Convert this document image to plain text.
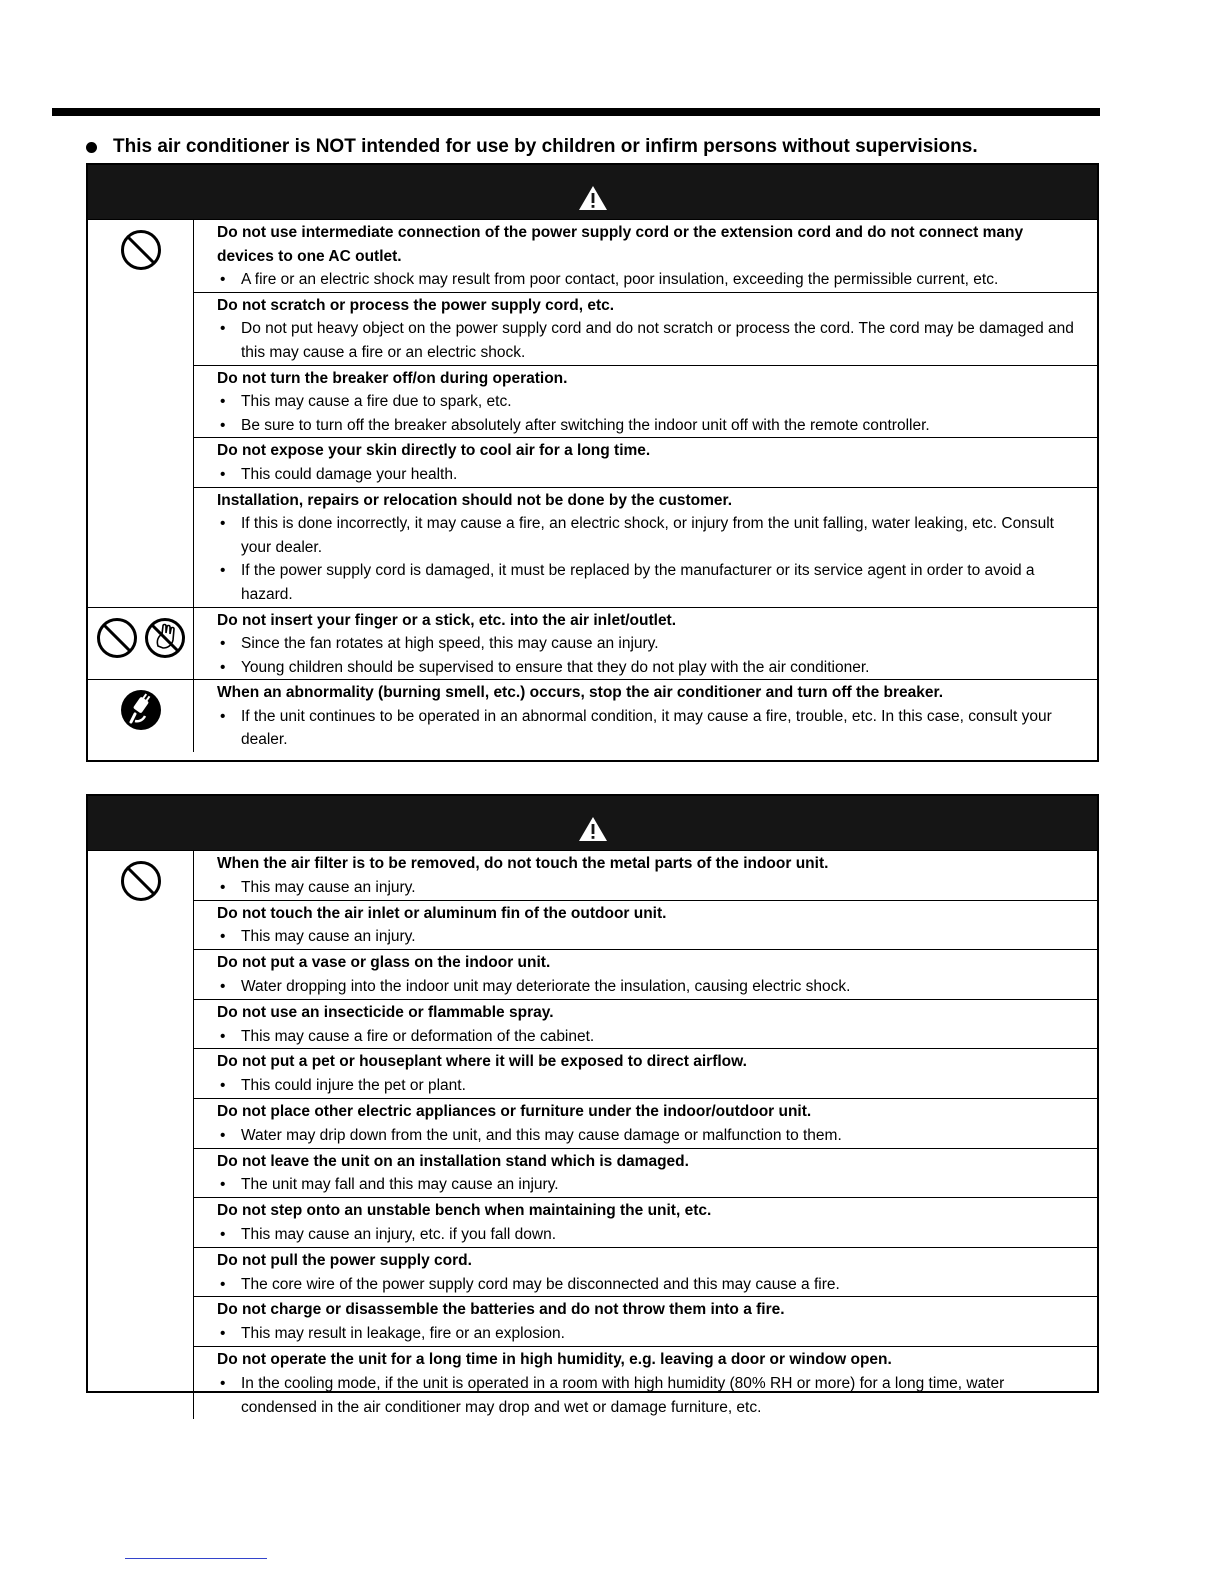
This air conditioner is NOT intended for use by children or infirm persons without supervisions.
Do not use intermediate connection of the power supply cord or the extension cord and do not connect many devices to one AC outlet.
• A fire or an electric shock may result from poor contact, poor insulation, exceeding the permissible current, etc.
Do not scratch or process the power supply cord, etc.
• Do not put heavy object on the power supply cord and do not scratch or process the cord. The cord may be damaged and this may cause a fire or an electric shock.
Do not turn the breaker off/on during operation.
• This may cause a fire due to spark, etc.
• Be sure to turn off the breaker absolutely after switching the indoor unit off with the remote controller.
Do not expose your skin directly to cool air for a long time.
• This could damage your health.
Installation, repairs or relocation should not be done by the customer.
• If this is done incorrectly, it may cause a fire, an electric shock, or injury from the unit falling, water leaking, etc. Consult your dealer.
• If the power supply cord is damaged, it must be replaced by the manufacturer or its service agent in order to avoid a hazard.
Do not insert your finger or a stick, etc. into the air inlet/outlet.
• Since the fan rotates at high speed, this may cause an injury.
• Young children should be supervised to ensure that they do not play with the air conditioner.
When an abnormality (burning smell, etc.) occurs, stop the air conditioner and turn off the breaker.
• If the unit continues to be operated in an abnormal condition, it may cause a fire, trouble, etc. In this case, consult your dealer.
When the air filter is to be removed, do not touch the metal parts of the indoor unit.
• This may cause an injury.
Do not touch the air inlet or aluminum fin of the outdoor unit.
• This may cause an injury.
Do not put a vase or glass on the indoor unit.
• Water dropping into the indoor unit may deteriorate the insulation, causing electric shock.
Do not use an insecticide or flammable spray.
• This may cause a fire or deformation of the cabinet.
Do not put a pet or houseplant where it will be exposed to direct airflow.
• This could injure the pet or plant.
Do not place other electric appliances or furniture under the indoor/outdoor unit.
• Water may drip down from the unit, and this may cause damage or malfunction to them.
Do not leave the unit on an installation stand which is damaged.
• The unit may fall and this may cause an injury.
Do not step onto an unstable bench when maintaining the unit, etc.
• This may cause an injury, etc. if you fall down.
Do not pull the power supply cord.
• The core wire of the power supply cord may be disconnected and this may cause a fire.
Do not charge or disassemble the batteries and do not throw them into a fire.
• This may result in leakage, fire or an explosion.
Do not operate the unit for a long time in high humidity, e.g. leaving a door or window open.
• In the cooling mode, if the unit is operated in a room with high humidity (80% RH or more) for a long time, water condensed in the air conditioner may drop and wet or damage furniture, etc.
